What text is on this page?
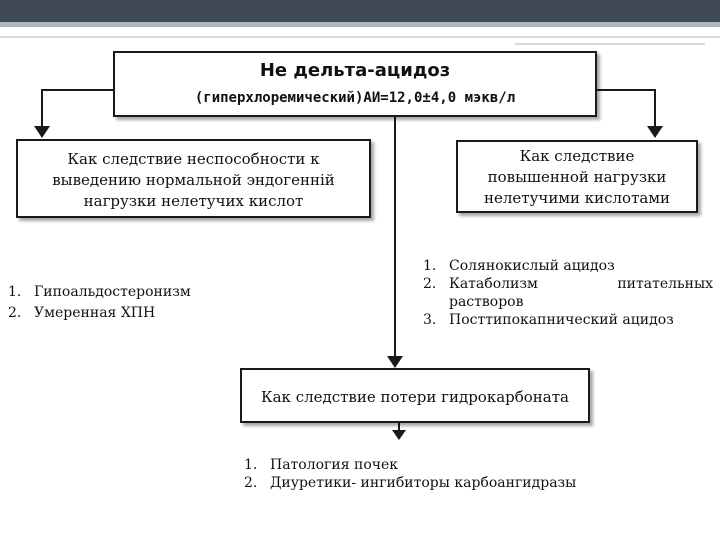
Не дельта-ацидоз
(гиперхлоремический)АИ=12,0±4,0 мэкв/л
Как следствие неспособности к
выведению нормальной эндогенній
нагрузки нелетучих кислот
Как следствие
повышенной нагрузки
нелетучими кислотами
1. Гипоальдостеронизм
2. Умеренная ХПН
1. Солянокислый ацидоз
2. Катаболизм питательных растворов
3. Посттипокапнический ацидоз
Как следствие потери гидрокарбоната
1. Патология почек
2. Диуретики- ингибиторы карбоангидразы
